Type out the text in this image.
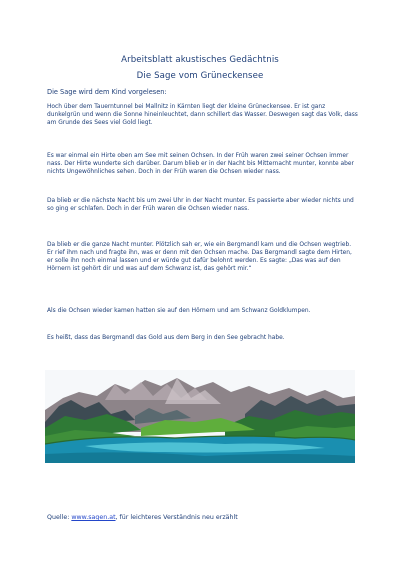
Arbeitsblatt akustisches Gedächtnis
Die Sage vom Grüneckensee
Die Sage wird dem Kind vorgelesen:

Hoch über dem Tauerntunnel bei Mallnitz in Kärnten liegt der kleine Grüneckensee. Er ist ganz dunkelgrün und wenn die Sonne hineinleuchtet, dann schillert das Wasser. Deswegen sagt das Volk, dass am Grunde des Sees viel Gold liegt.

Es war einmal ein Hirte oben am See mit seinen Ochsen. In der Früh waren zwei seiner Ochsen immer nass. Der Hirte wunderte sich darüber. Darum blieb er in der Nacht bis Mitternacht munter, konnte aber nichts Ungewöhnliches sehen. Doch in der Früh waren die Ochsen wieder nass.

Da blieb er die nächste Nacht bis um zwei Uhr in der Nacht munter. Es passierte aber wieder nichts und so ging er schlafen. Doch in der Früh waren die Ochsen wieder nass.

Da blieb er die ganze Nacht munter. Plötzlich sah er, wie ein Bergmandl kam und die Ochsen wegtrieb. Er rief ihm nach und fragte ihn, was er denn mit den Ochsen mache. Das Bergmandl sagte dem Hirten, er solle ihn noch einmal lassen und er würde gut dafür belohnt werden. Es sagte: „Das was auf den Hörnern ist gehört dir und was auf dem Schwanz ist, das gehört mir.“

Als die Ochsen wieder kamen hatten sie auf den Hörnern und am Schwanz Goldklumpen.

Es heißt, dass das Bergmandl das Gold aus dem Berg in den See gebracht habe.

Quelle: www.sagen.at, für leichteres Verständnis neu erzählt
